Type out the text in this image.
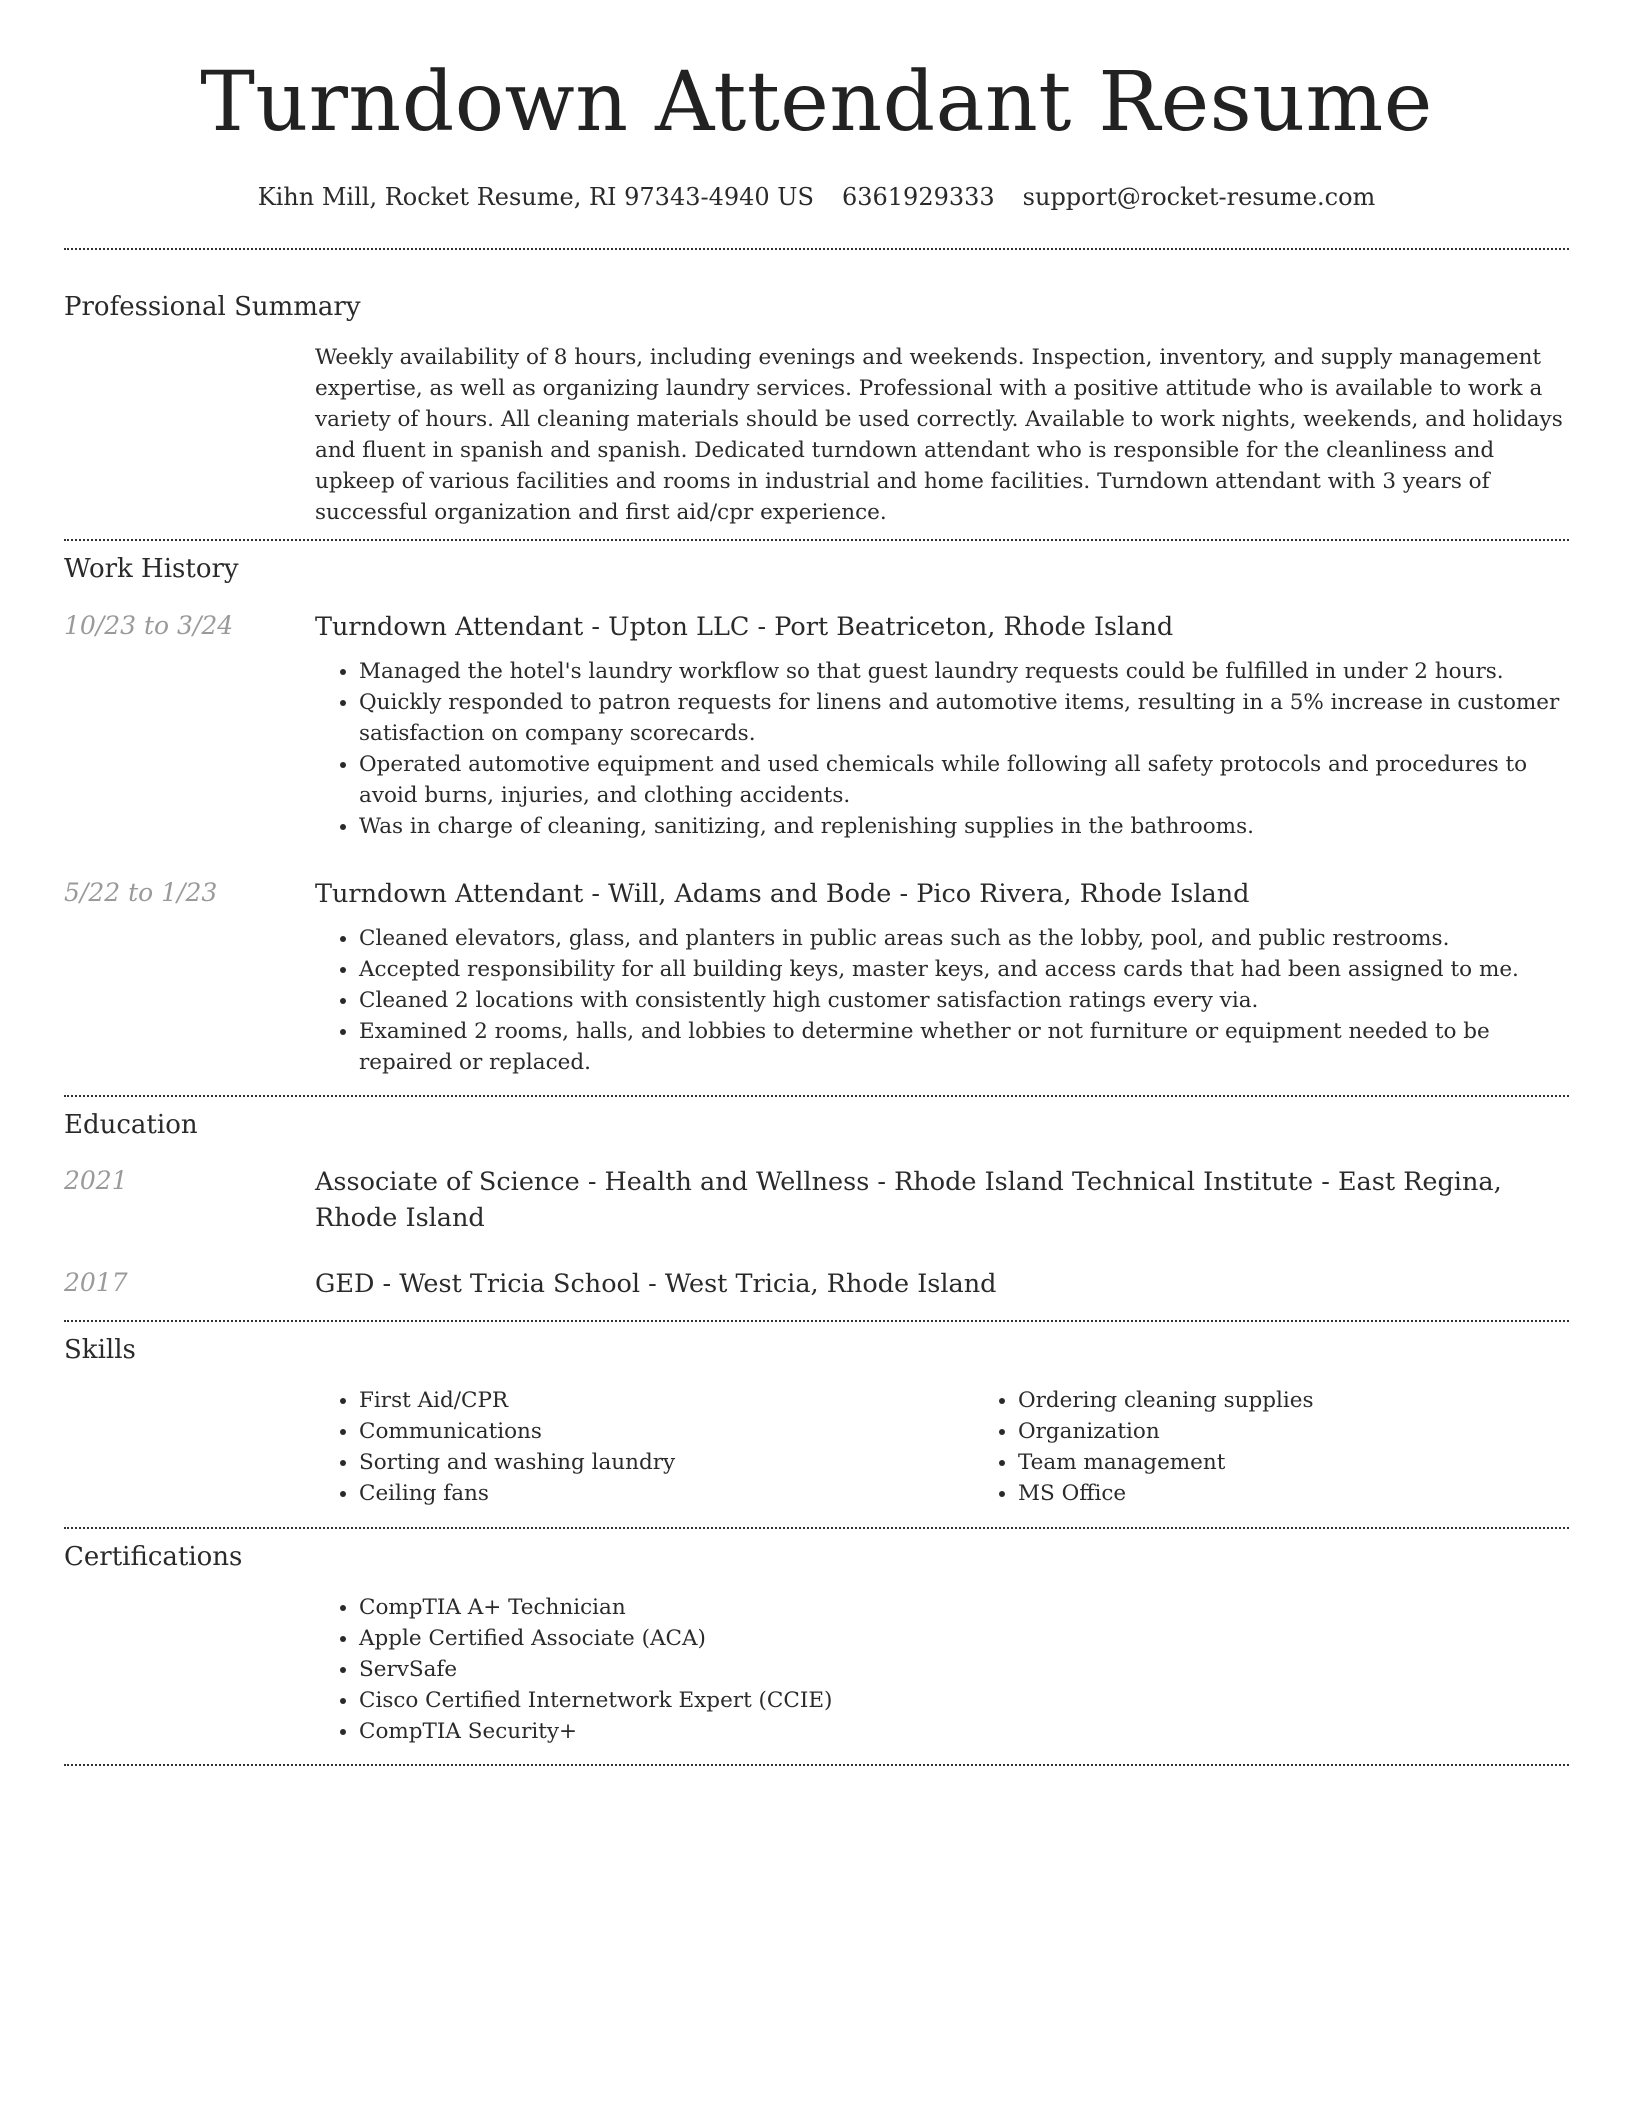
Turndown Attendant Resume
Kihn Mill, Rocket Resume, RI 97343-4940 US 6361929333 support@rocket-resume.com
Professional Summary

Weekly availability of 8 hours, including evenings and weekends. Inspection, inventory, and supply management expertise, as well as organizing laundry services. Professional with a positive attitude who is available to work a variety of hours. All cleaning materials should be used correctly. Available to work nights, weekends, and holidays and fluent in spanish and spanish. Dedicated turndown attendant who is responsible for the cleanliness and upkeep of various facilities and rooms in industrial and home facilities. Turndown attendant with 3 years of successful organization and first aid/cpr experience.

Work History
10/23 to 3/24	Turndown Attendant - Upton LLC - Port Beatriceton, Rhode Island
• Managed the hotel's laundry workflow so that guest laundry requests could be fulfilled in under 2 hours.
• Quickly responded to patron requests for linens and automotive items, resulting in a 5% increase in customer satisfaction on company scorecards.
• Operated automotive equipment and used chemicals while following all safety protocols and procedures to avoid burns, injuries, and clothing accidents.
• Was in charge of cleaning, sanitizing, and replenishing supplies in the bathrooms.
5/22 to 1/23	Turndown Attendant - Will, Adams and Bode - Pico Rivera, Rhode Island
• Cleaned elevators, glass, and planters in public areas such as the lobby, pool, and public restrooms.
• Accepted responsibility for all building keys, master keys, and access cards that had been assigned to me.
• Cleaned 2 locations with consistently high customer satisfaction ratings every via.
• Examined 2 rooms, halls, and lobbies to determine whether or not furniture or equipment needed to be repaired or replaced.
Education
2021	Associate of Science - Health and Wellness - Rhode Island Technical Institute - East Regina, Rhode Island
2017	GED - West Tricia School - West Tricia, Rhode Island
Skills
• First Aid/CPR
• Communications
• Sorting and washing laundry
• Ceiling fans
• Ordering cleaning supplies
• Organization
• Team management
• MS Office
Certifications
• CompTIA A+ Technician
• Apple Certified Associate (ACA)
• ServSafe
• Cisco Certified Internetwork Expert (CCIE)
• CompTIA Security+
